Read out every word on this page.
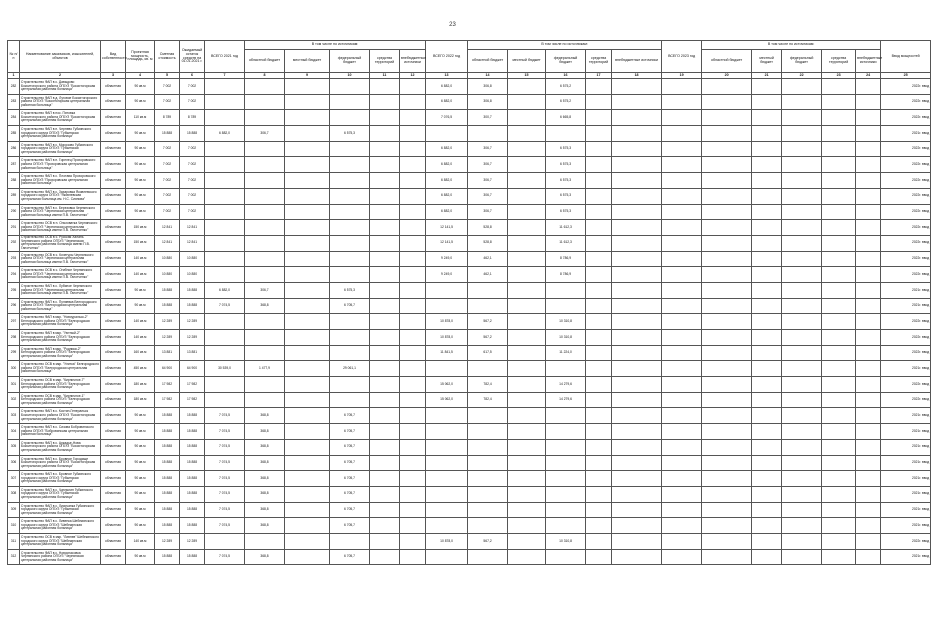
23
№ п/п	Наименование заказчиков, изыскателей, объектов	Вид собственности	Проектная мощность, площадь, кв. м	Сметная стоимость	Ожидаемый остаток средств на 01.01.2021 г.	ВСЕГО 2021 год	В том числе по источникам:					ВСЕГО 2022 год	В том числе по источникам:					ВСЕГО 2023 год	В том числе по источникам:					Ввод мощностей
							областной бюджет	местный бюджет	федеральный бюджет	средства территорий	внебюджетные источники		областной бюджет	местный бюджет	федеральный бюджет	средства территорий	внебюджетные источники		областной бюджет	местный бюджет	федеральный бюджет	средства территорий	внебюджетные источники	
1	2	3	4	5	6	7	8	9	10	11	12	13	14	15	16	17	18	19	20	21	22	23	24	25
282	Строительство ФАП в с. Давыдово Бокситогорского района ОГБУЗ "Бокситогорская центральная районная больница"	областная	90 кв.м	7 002	7 002							6 882,0	306,8		6 575,2									2022г. ввод
283	Строительство ФАП в д. Луговое Бокситогорского района ОГБУЗ "Бокситогорская центральная районная больница"	областная	90 кв.м	7 002	7 002							6 882,0	306,8		6 575,2									2022г. ввод
284	Строительство ФАП в пос. Пятовка Бокситогорского района ОГБУЗ "Бокситогорская центральная районная больница"	областная	110 кв.м	8 789	8 789							7 076,5	300,7		6 665,8									2022г. ввод
285	Строительство ФАП в п. Чернево Губкинского городского округа ОГБУЗ "Губкинская центральная районная больница"	областная	90 кв.м	15 888	15 888	6 882,0	306,7		6 575,3															2021г. ввод
286	Строительство ФАП в с. Морозово Губкинского городского округа ОГБУЗ "Губкинская центральная районная больница"	областная	90 кв.м	7 002	7 002							6 882,0	306,7		6 575,3									2022г. ввод
287	Строительство ФАП в п. Горелец Прохоровского района ОГБУЗ "Прохоровская центральная районная больница"	областная	90 кв.м	7 002	7 002							6 882,0	306,7		6 575,3									2022г. ввод
288	Строительство ФАП в с. Плотава Прохоровского района ОГБУЗ "Прохоровская центральная районная больница"	областная	90 кв.м	7 002	7 002							6 882,0	306,7		6 575,3									2022г. ввод
289	Строительство ФАП в с. Захаровка Яковлевского городского округа ОГБУЗ "Яковлевская центральная больница им. Н.С. Сиянова"	областная	90 кв.м	7 002	7 002							6 882,0	306,7		6 575,3									2022г. ввод
290	Строительство ФАП в с. Березовка Чернянского района ОГБУЗ "Чернянская центральная районная больница имени П.В. Гапотченко"	областная	90 кв.м	7 002	7 002							6 882,0	306,7		6 575,3									2022г. ввод
291	Строительство ОСВ в п. Ольховатка Чернянского района ОГБУЗ "Чернянская центральная районная больница имени П.В. Гапотченко"	областная	150 кв.м	12 841	12 841							12 141,5	528,8		11 612,3									2022г. ввод
292	Строительство ОСВ в с. Русская Халань Чернянского района ОГБУЗ "Чернянская центральная районная больница имени П.В. Гапотченко"	областная	150 кв.м	12 841	12 841							12 141,5	528,8		11 612,3									2022г. ввод
293	Строительство ОСВ в с. Кочегуры Чернянского района ОГБУЗ "Чернянская центральная районная больница имени П.В. Гапотченко"	областная	140 кв.м	10 880	10 880							9 249,0	462,1		8 786,9									2022г. ввод
294	Строительство ОСВ в с. Огибное Чернянского района ОГБУЗ "Чернянская центральная районная больница имени П.В. Гапотченко"	областная	140 кв.м	10 880	10 880							9 249,0	462,1		8 786,9									2022г. ввод
295	Строительство ФАП в с. Лубяное Чернянского района ОГБУЗ "Чернянская центральная районная больница имени П.В. Гапотченко"	областная	90 кв.м	15 888	15 888	6 882,0	306,7		6 575,3															2021г. ввод
296	Строительство ФАП в с. Пуляевка Белгородского района ОГБУЗ "Белгородская центральная районная больница"	областная	90 кв.м	15 888	15 888	7 074,5	368,8		6 705,7															2021г. ввод
297	Строительство ФАП в мкр. "Новоуральск-2" Белгородского района ОГБУЗ "Белгородская центральная районная больница"	областная	140 кв.м	12 289	12 289							10 878,0	567,2		10 310,8									2022г. ввод
298	Строительство ФАП в мкр. "Уютный-2" Белгородского района ОГБУЗ "Белгородская центральная районная больница"	областная	140 кв.м	12 289	12 289							10 878,0	567,2		10 310,8									2022г. ввод
299	Строительство ФАП в мкр. "Родники-2" Белгородского района ОГБУЗ "Белгородская центральная районная больница"	областная	160 кв.м	13 881	13 881							11 841,5	617,5		11 224,0									2022г. ввод
300	Строительство ОСВ в мкр. "Улитка" Белгородского района ОГБУЗ "Белгородская центральная районная больница"	областная	450 кв.м	64 900	64 900	30 539,0	1 477,9		29 061,1															2021г. ввод
301	Строительство ОСВ в мкр. "Кирпичное-7" Белгородского района ОГБУЗ "Белгородская центральная районная больница"	областная	180 кв.м	17 982	17 982							15 062,0	782,4		14 279,6									2022г. ввод
302	Строительство ОСВ в мкр. "Кирпичное-1" Белгородского района ОГБУЗ "Белгородская центральная районная больница"	областная	180 кв.м	17 982	17 982							15 062,0	782,4		14 279,6									2022г. ввод
303	Строительство ФАП в с. Костин-Генеральск Бокситогорского района ОГБУЗ "Бокситогорская центральная районная больница"	областная	90 кв.м	15 888	15 888	7 074,5	368,8		6 705,7															2021г. ввод
304	Строительство ФАП в с. Сизова Бобровинского района ОГБУЗ "Бобровинская центральная районная больница"	областная	90 кв.м	15 888	15 888	7 074,5	368,8		6 705,7															2021г. ввод
305	Строительство ФАП в с. Аркадье-Нова Бокситогорского района ОГБУЗ "Бокситогорская центральная районная больница"	областная	90 кв.м	15 888	15 888	7 074,5	368,8		6 705,7															2021г. ввод
306	Строительство ФАП в с. Бровное Городище Бокситогорского района ОГБУЗ "Бокситогорская центральная районная больница"	областная	90 кв.м	15 888	15 888	7 074,5	368,8		6 705,7															2021г. ввод
307	Строительство ФАП в с. Бровное Губкинского городского округа ОГБУЗ "Губкинская центральная районная больница"	областная	90 кв.м	15 888	15 888	7 074,5	368,8		6 705,7															2021г. ввод
308	Строительство ФАП в с. Чаплыгин Губкинского городского округа ОГБУЗ "Губкинская центральная районная больница"	областная	90 кв.м	15 888	15 888	7 074,5	368,8		6 705,7															2021г. ввод
309	Строительство ФАП в с. Лисичанка Губкинского городского округа ОГБУЗ "Губкинская центральная районная больница"	областная	90 кв.м	15 888	15 888	7 074,5	368,8		6 705,7															2021г. ввод
310	Строительство ФАП в с. Ливенка Шебекинского городского округа ОГБУЗ "Шебекинская центральная районная больница"	областная	90 кв.м	15 888	15 888	7 074,5	368,8		6 705,7															2021г. ввод
311	Строительство ОСВ в мкр. "Ливнев" Шебекинского городского округа ОГБУЗ "Шебекинская центральная районная больница"	областная	140 кв.м	12 289	12 289							10 878,0	567,2		10 310,8									2022г. ввод
312	Строительство ФАП в с. Новоспасовка Чернянского района ОГБУЗ "Чернянская центральная районная больница"	областная	90 кв.м	15 888	15 888	7 074,5	368,8		6 705,7															2021г. ввод
